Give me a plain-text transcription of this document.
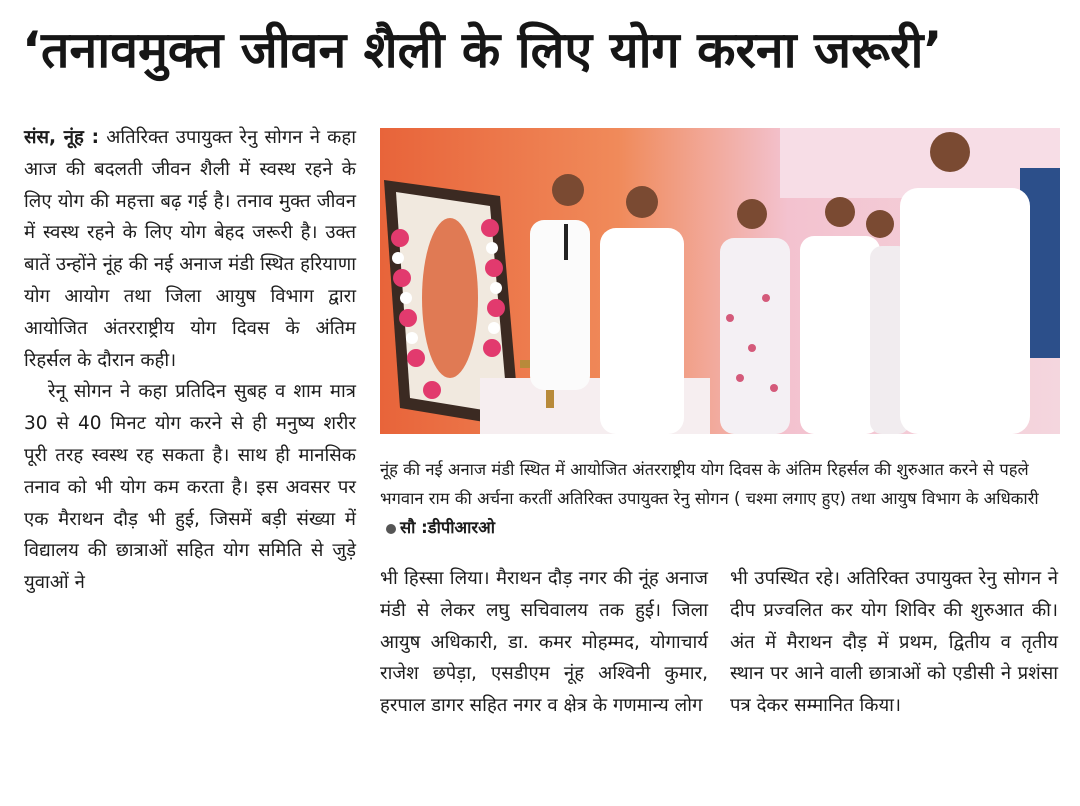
‘तनावमुक्त जीवन शैली के लिए योग करना जरूरी’

संस, नूंह : अतिरिक्त उपायुक्त रेनु सोगन ने कहा आज की बदलती जीवन शैली में स्वस्थ रहने के लिए योग की महत्ता बढ़ गई है। तनाव मुक्त जीवन में स्वस्थ रहने के लिए योग बेहद जरूरी है। उक्त बातें उन्होंने नूंह की नई अनाज मंडी स्थित हरियाणा योग आयोग तथा जिला आयुष विभाग द्वारा आयोजित अंतरराष्ट्रीय योग दिवस के अंतिम रिहर्सल के दौरान कही।

रेनू सोगन ने कहा प्रतिदिन सुबह व शाम मात्र 30 से 40 मिनट योग करने से ही मनुष्य शरीर पूरी तरह स्वस्थ रह सकता है। साथ ही मानसिक तनाव को भी योग कम करता है। इस अवसर पर एक मैराथन दौड़ भी हुई, जिसमें बड़ी संख्या में विद्यालय की छात्राओं सहित योग समिति से जुड़े युवाओं ने

नूंह की नई अनाज मंडी स्थित में आयोजित अंतरराष्ट्रीय योग दिवस के अंतिम रिहर्सल की शुरुआत करने से पहले भगवान राम की अर्चना करतीं अतिरिक्त उपायुक्त रेनु सोगन ( चश्मा लगाए हुए) तथा आयुष विभाग के अधिकारीसौ :डीपीआरओ

भी हिस्सा लिया। मैराथन दौड़ नगर की नूंह अनाज मंडी से लेकर लघु सचिवालय तक हुई। जिला आयुष अधिकारी, डा. कमर मोहम्मद, योगाचार्य राजेश छपेड़ा, एसडीएम नूंह अश्विनी कुमार, हरपाल डागर सहित नगर व क्षेत्र के गणमान्य लोग

भी उपस्थित रहे। अतिरिक्त उपायुक्त रेनु सोगन ने दीप प्रज्वलित कर योग शिविर की शुरुआत की। अंत में मैराथन दौड़ में प्रथम, द्वितीय व तृतीय स्थान पर आने वाली छात्राओं को एडीसी ने प्रशंसा पत्र देकर सम्मानित किया।
